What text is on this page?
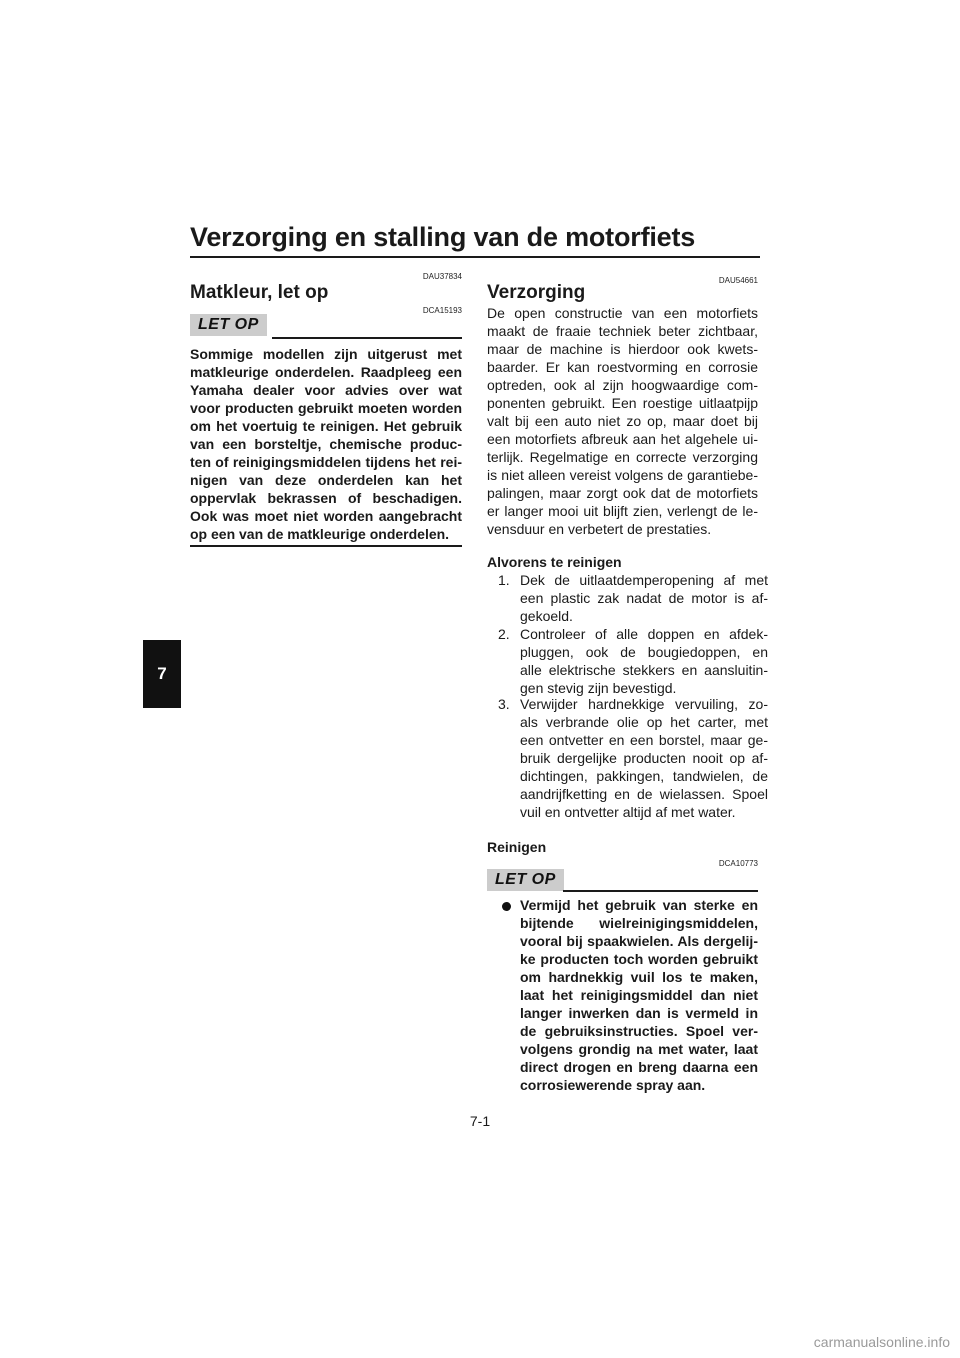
Verzorging en stalling van de motorfiets
7
DAU37834
Matkleur, let op
DCA15193
LET OP
Sommige modellen zijn uitgerust met
matkleurige onderdelen. Raadpleeg een
Yamaha dealer voor advies over wat
voor producten gebruikt moeten worden
om het voertuig te reinigen. Het gebruik
van een borsteltje, chemische produc-
ten of reinigingsmiddelen tijdens het rei-
nigen van deze onderdelen kan het
oppervlak bekrassen of beschadigen.
Ook was moet niet worden aangebracht
op een van de matkleurige onderdelen.
DAU54661
Verzorging
De open constructie van een motorfiets
maakt de fraaie techniek beter zichtbaar,
maar de machine is hierdoor ook kwets-
baarder. Er kan roestvorming en corrosie
optreden, ook al zijn hoogwaardige com-
ponenten gebruikt. Een roestige uitlaatpijp
valt bij een auto niet zo op, maar doet bij
een motorfiets afbreuk aan het algehele ui-
terlijk. Regelmatige en correcte verzorging
is niet alleen vereist volgens de garantiebe-
palingen, maar zorgt ook dat de motorfiets
er langer mooi uit blijft zien, verlengt de le-
vensduur en verbetert de prestaties.
Alvorens te reinigen
1. Dek de uitlaatdemperopening af met
een plastic zak nadat de motor is af-
gekoeld.
2. Controleer of alle doppen en afdek-
pluggen, ook de bougiedoppen, en
alle elektrische stekkers en aansluitin-
gen stevig zijn bevestigd.
3. Verwijder hardnekkige vervuiling, zo-
als verbrande olie op het carter, met
een ontvetter en een borstel, maar ge-
bruik dergelijke producten nooit op af-
dichtingen, pakkingen, tandwielen, de
aandrijfketting en de wielassen. Spoel
vuil en ontvetter altijd af met water.
Reinigen
DCA10773
LET OP
Vermijd het gebruik van sterke en
bijtende wielreinigingsmiddelen,
vooral bij spaakwielen. Als dergelij-
ke producten toch worden gebruikt
om hardnekkig vuil los te maken,
laat het reinigingsmiddel dan niet
langer inwerken dan is vermeld in
de gebruiksinstructies. Spoel ver-
volgens grondig na met water, laat
direct drogen en breng daarna een
corrosiewerende spray aan.
7-1
carmanualsonline.info
